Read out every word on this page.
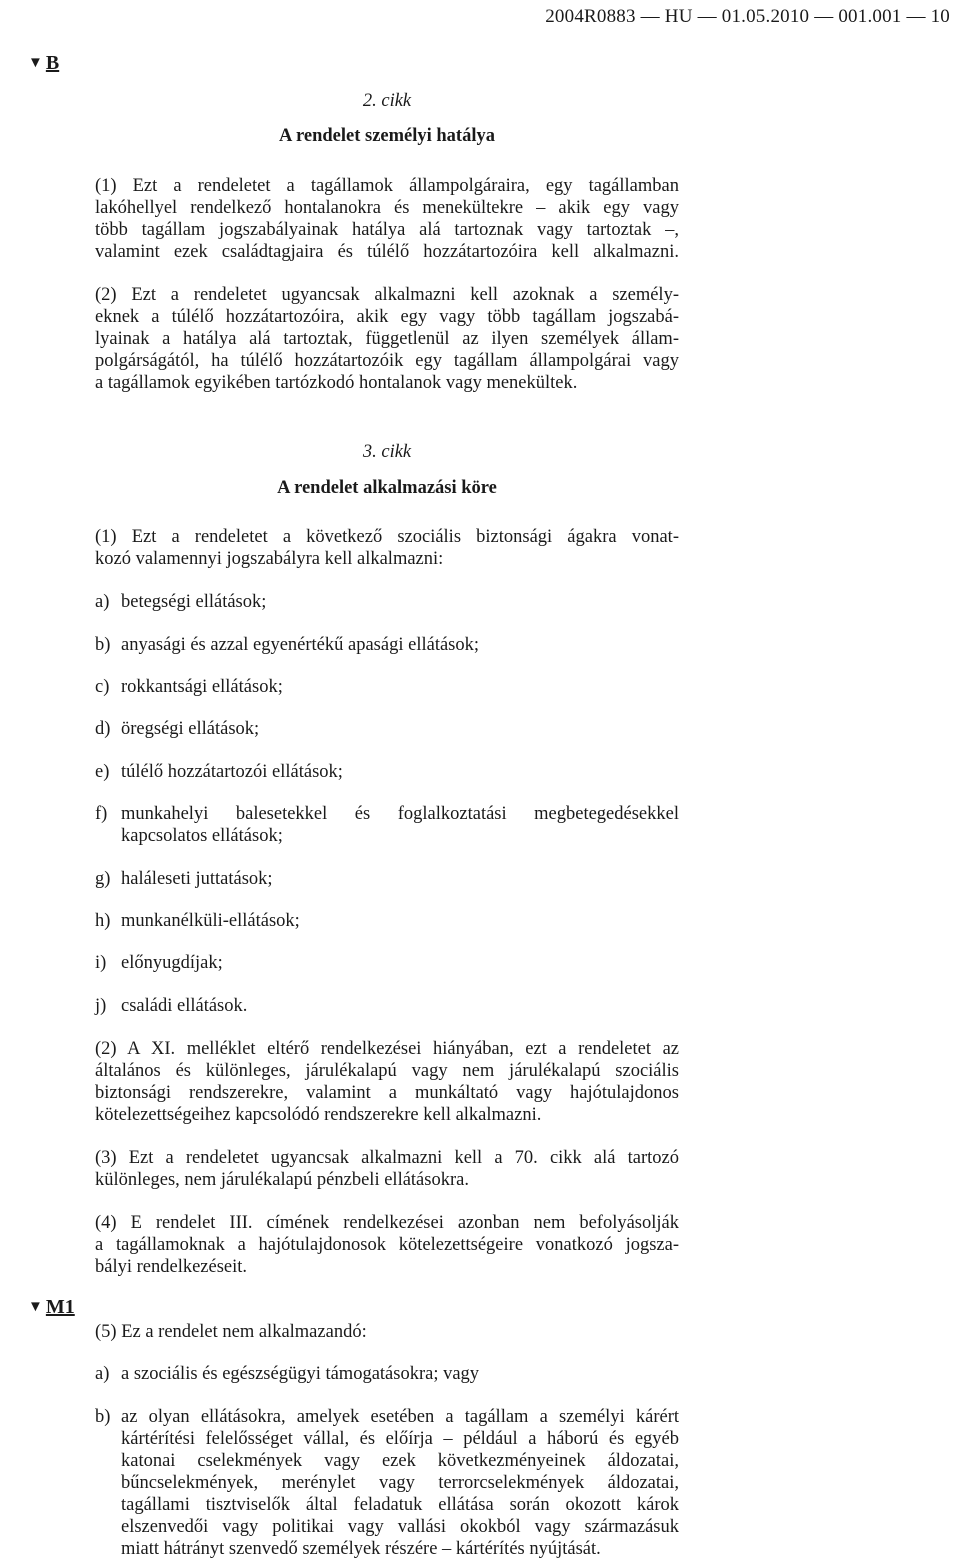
2004R0883 — HU — 01.05.2010 — 001.001 — 10
▼ B
2. cikk
A rendelet személyi hatálya
(1) Ezt a rendeletet a tagállamok állampolgáraira, egy tagállamban
lakóhellyel rendelkező hontalanokra és menekültekre – akik egy vagy
több tagállam jogszabályainak hatálya alá tartoznak vagy tartoztak –,
valamint ezek családtagjaira és túlélő hozzátartozóira kell alkalmazni.
(2) Ezt a rendeletet ugyancsak alkalmazni kell azoknak a személy-
eknek a túlélő hozzátartozóira, akik egy vagy több tagállam jogszabá-
lyainak a hatálya alá tartoztak, függetlenül az ilyen személyek állam-
polgárságától, ha túlélő hozzátartozóik egy tagállam állampolgárai vagy
a tagállamok egyikében tartózkodó hontalanok vagy menekültek.
3. cikk
A rendelet alkalmazási köre
(1) Ezt a rendeletet a következő szociális biztonsági ágakra vonat-
kozó valamennyi jogszabályra kell alkalmazni:
a) betegségi ellátások;
b) anyasági és azzal egyenértékű apasági ellátások;
c) rokkantsági ellátások;
d) öregségi ellátások;
e) túlélő hozzátartozói ellátások;
f) munkahelyi balesetekkel és foglalkoztatási megbetegedésekkel
kapcsolatos ellátások;
g) haláleseti juttatások;
h) munkanélküli-ellátások;
i) előnyugdíjak;
j) családi ellátások.
(2) A XI. melléklet eltérő rendelkezései hiányában, ezt a rendeletet az
általános és különleges, járulékalapú vagy nem járulékalapú szociális
biztonsági rendszerekre, valamint a munkáltató vagy hajótulajdonos
kötelezettségeihez kapcsolódó rendszerekre kell alkalmazni.
(3) Ezt a rendeletet ugyancsak alkalmazni kell a 70. cikk alá tartozó
különleges, nem járulékalapú pénzbeli ellátásokra.
(4) E rendelet III. címének rendelkezései azonban nem befolyásolják
a tagállamoknak a hajótulajdonosok kötelezettségeire vonatkozó jogsza-
bályi rendelkezéseit.
▼ M1
(5) Ez a rendelet nem alkalmazandó:
a) a szociális és egészségügyi támogatásokra; vagy
b) az olyan ellátásokra, amelyek esetében a tagállam a személyi kárért
kártérítési felelősséget vállal, és előírja – például a háború és egyéb
katonai cselekmények vagy ezek következményeinek áldozatai,
bűncselekmények, merénylet vagy terrorcselekmények áldozatai,
tagállami tisztviselők által feladatuk ellátása során okozott károk
elszenvedői vagy politikai vagy vallási okokból vagy származásuk
miatt hátrányt szenvedő személyek részére – kártérítés nyújtását.
